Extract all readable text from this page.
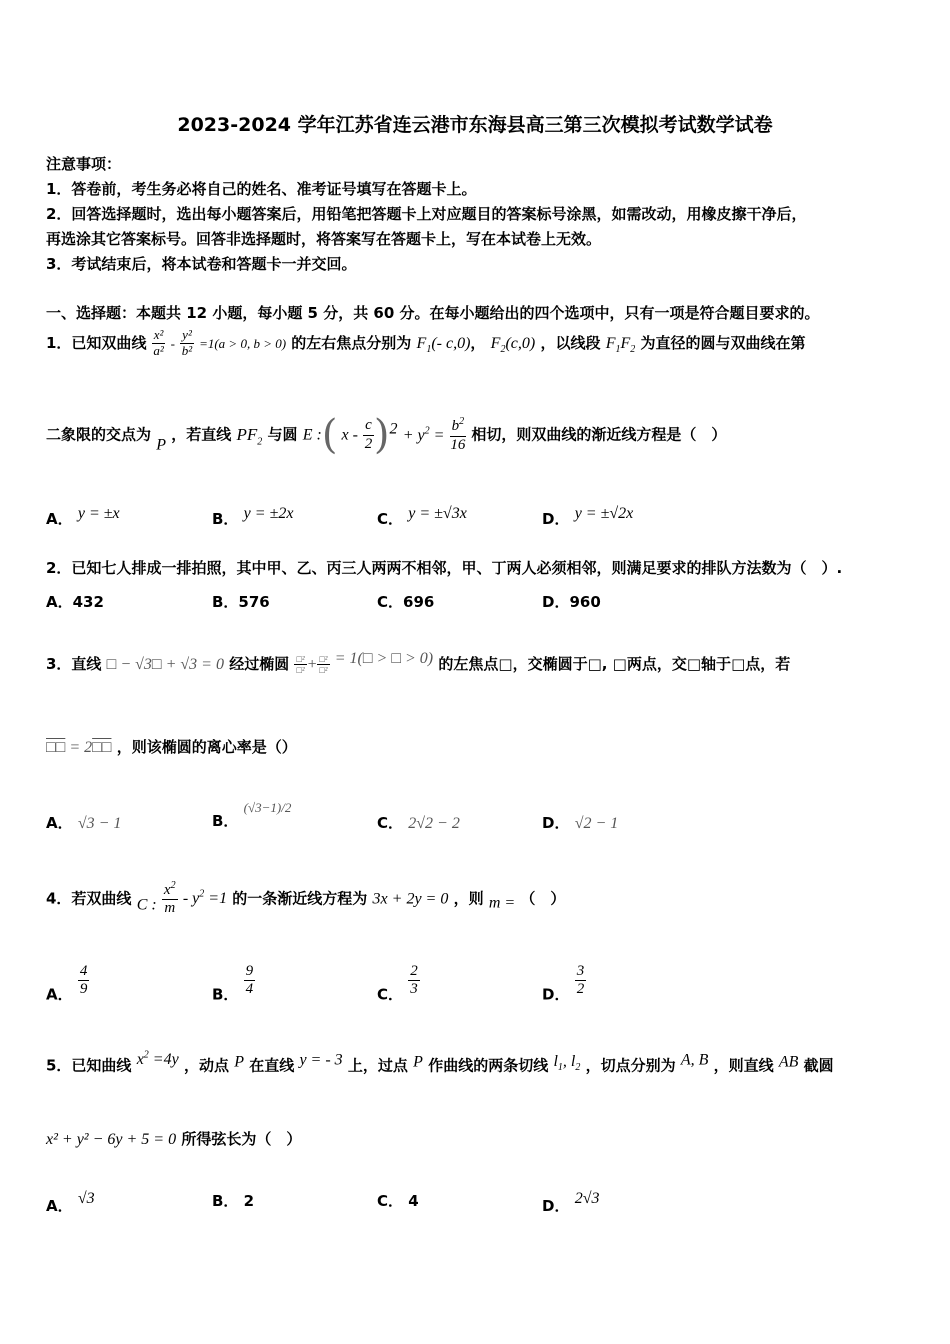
2023-2024 学年江苏省连云港市东海县高三第三次模拟考试数学试卷
注意事项：
1．答卷前，考生务必将自己的姓名、准考证号填写在答题卡上。
2．回答选择题时，选出每小题答案后，用铅笔把答题卡上对应题目的答案标号涂黑，如需改动，用橡皮擦干净后，
再选涂其它答案标号。回答非选择题时，将答案写在答题卡上，写在本试卷上无效。
3．考试结束后，将本试卷和答题卡一并交回。
一、选择题：本题共 12 小题，每小题 5 分，共 60 分。在每小题给出的四个选项中，只有一项是符合题目要求的。
1．已知双曲线 $\frac{\text{x²}}{\text{a²}} - \frac{\text{y²}}{\text{b²}} =1(a > 0$, b > 0) 的左右焦点分别为 $F_1(-$ c,0)， $F_2(c,0)$ ，以线段 $F_1F_2$ 为直径的圆与双曲线在第
二象限的交点为 P ，若直线 $PF_2$ 与圆 E :( $x - \frac{c}{2} )^2 + y^2 = \frac{b^2}{16}$ 相切，则双曲线的渐近线方程是（　）
A． y = ±x	B． y = ±2x	C． y = ±√3x	D． y = ±√2x
2．已知七人排成一排拍照，其中甲、乙、丙三人两两不相邻，甲、丁两人必须相邻，则满足要求的排队方法数为（　）.
A．432	B．576	C．696	D．960
3．直线 □ − √3□ + √3 = 0 经过椭圆 $\frac{\text{□²}}{\text{□²}} + \frac{\text{□²}}{\text{□²}}$ = 1(□ > □ > 0) 的左焦点□，交椭圆于□, □两点，交□轴于□点，若
□□ = 2□□ ，则该椭圆的离心率是（）
A． √3 − 1	B． (√3−1)/2
C． 2√2 − 2	D． √2 − 1
4．若双曲线 C : $\frac{x^2}{m} - y^2 =1$ 的一条渐近线方程为 3x + 2y = 0 ，则 m = （　）
A． $\frac{4}{9}$	B． $\frac{9}{4}$	C． $\frac{2}{3}$	D． $\frac{3}{2}$
5．已知曲线 $x^2 =4y$ ，动点 P 在直线 y = - 3 上，过点 P 作曲线的两条切线 $l_1$, $l_2$ ，切点分别为 A, B ，则直线 AB 截圆
x² + y² − 6y + 5 = 0 所得弦长为（　）
A． √3	B． 2	C． 4	D． 2√3
